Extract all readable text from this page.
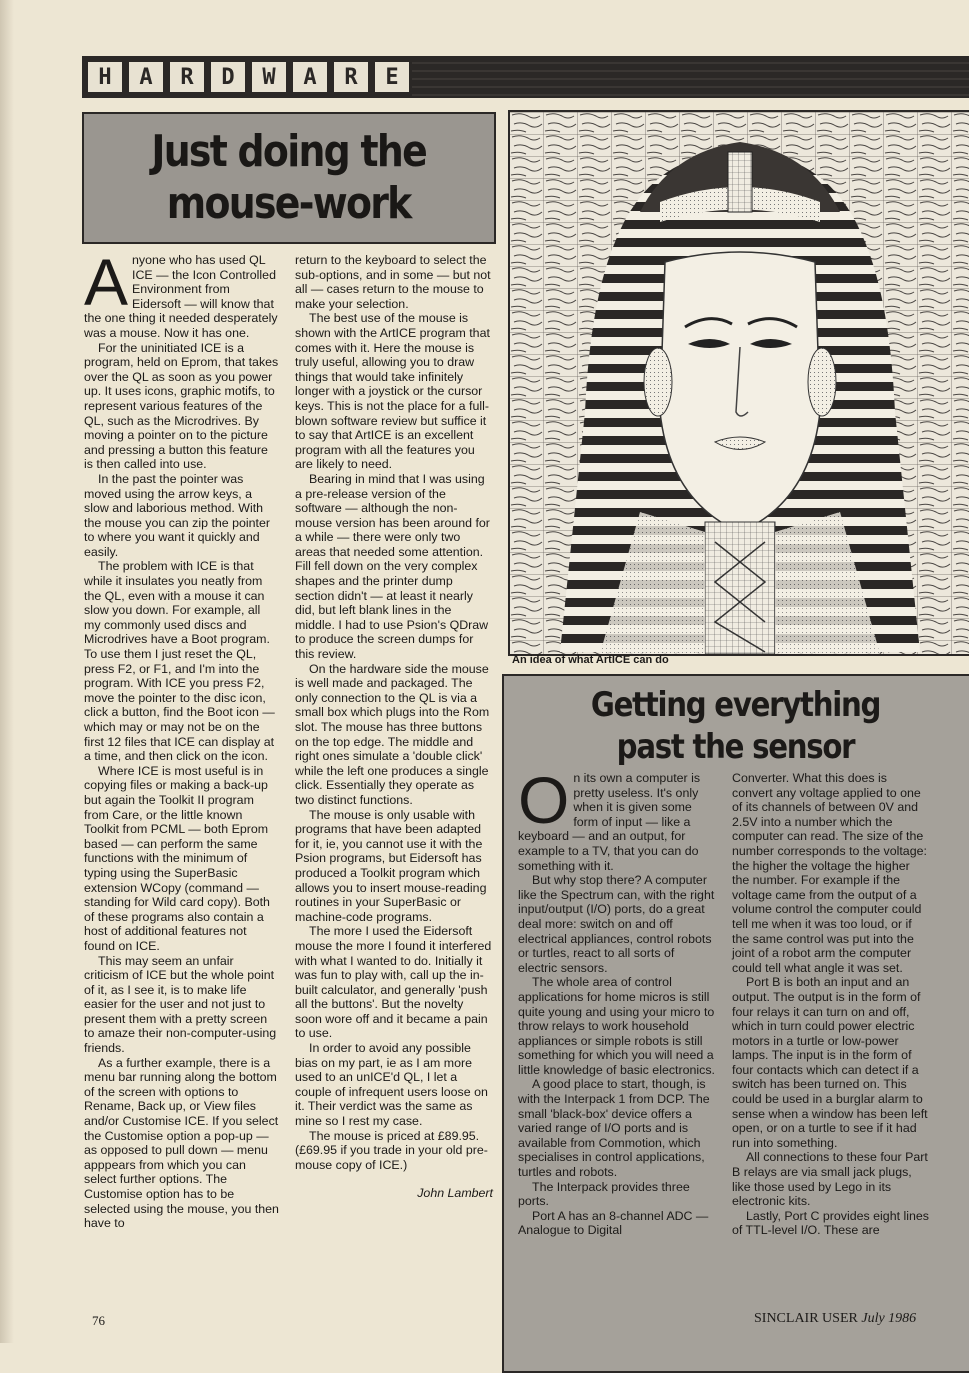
H	A	R	D	W	A	R	E
Just doing the
mouse-work
An idea of what ArtICE can do
A nyone who has used QL ICE — the Icon Controlled Environment from Eidersoft — will know that the one thing it needed desperately was a mouse. Now it has one.

For the uninitiated ICE is a program, held on Eprom, that takes over the QL as soon as you power up. It uses icons, graphic motifs, to represent various features of the QL, such as the Microdrives. By moving a pointer on to the picture and pressing a button this feature is then called into use.

In the past the pointer was moved using the arrow keys, a slow and laborious method. With the mouse you can zip the pointer to where you want it quickly and easily.

The problem with ICE is that while it insulates you neatly from the QL, even with a mouse it can slow you down. For example, all my commonly used discs and Microdrives have a Boot program. To use them I just reset the QL, press F2, or F1, and I'm into the program. With ICE you press F2, move the pointer to the disc icon, click a button, find the Boot icon — which may or may not be on the first 12 files that ICE can display at a time, and then click on the icon.

Where ICE is most useful is in copying files or making a back-up but again the Toolkit II program from Care, or the little known Toolkit from PCML — both Eprom based — can perform the same functions with the minimum of typing using the SuperBasic extension WCopy (command — standing for Wild card copy). Both of these programs also contain a host of additional features not found on ICE.

This may seem an unfair criticism of ICE but the whole point of it, as I see it, is to make life easier for the user and not just to present them with a pretty screen to amaze their non-computer-using friends.

As a further example, there is a menu bar running along the bottom of the screen with options to Rename, Back up, or View files and/or Customise ICE. If you select the Customise option a pop-up — as opposed to pull down — menu apppears from which you can select further options. The Customise option has to be selected using the mouse, you then have to

return to the keyboard to select the sub-options, and in some — but not all — cases return to the mouse to make your selection.

The best use of the mouse is shown with the ArtICE program that comes with it. Here the mouse is truly useful, allowing you to draw things that would take infinitely longer with a joystick or the cursor keys. This is not the place for a full-blown software review but suffice it to say that ArtICE is an excellent program with all the features you are likely to need.

Bearing in mind that I was using a pre-release version of the software — although the non-mouse version has been around for a while — there were only two areas that needed some attention. Fill fell down on the very complex shapes and the printer dump section didn't — at least it nearly did, but left blank lines in the middle. I had to use Psion's QDraw to produce the screen dumps for this review.

On the hardware side the mouse is well made and packaged. The only connection to the QL is via a small box which plugs into the Rom slot. The mouse has three buttons on the top edge. The middle and right ones simulate a 'double click' while the left one produces a single click. Essentially they operate as two distinct functions.

The mouse is only usable with programs that have been adapted for it, ie, you cannot use it with the Psion programs, but Eidersoft has produced a Toolkit program which allows you to insert mouse-reading routines in your SuperBasic or machine-code programs.

The more I used the Eidersoft mouse the more I found it interfered with what I wanted to do. Initially it was fun to play with, call up the in-built calculator, and generally 'push all the buttons'. But the novelty soon wore off and it became a pain to use.

In order to avoid any possible bias on my part, ie as I am more used to an unICE'd QL, I let a couple of infrequent users loose on it. Their verdict was the same as mine so I rest my case.

The mouse is priced at £89.95. (£69.95 if you trade in your old pre-mouse copy of ICE.)

John Lambert
Getting everything
past the sensor
O n its own a computer is pretty useless. It's only when it is given some form of input — like a keyboard — and an output, for example to a TV, that you can do something with it.

But why stop there? A computer like the Spectrum can, with the right input/output (I/O) ports, do a great deal more: switch on and off electrical appliances, control robots or turtles, react to all sorts of electric sensors.

The whole area of control applications for home micros is still quite young and using your micro to throw relays to work household appliances or simple robots is still something for which you will need a little knowledge of basic electronics.

A good place to start, though, is with the Interpack 1 from DCP. The small 'black-box' device offers a varied range of I/O ports and is available from Commotion, which specialises in control applications, turtles and robots.

The Interpack provides three ports.

Port A has an 8-channel ADC — Analogue to Digital

Converter. What this does is convert any voltage applied to one of its channels of between 0V and 2.5V into a number which the computer can read. The size of the number corresponds to the voltage: the higher the voltage the higher the number. For example if the voltage came from the output of a volume control the computer could tell me when it was too loud, or if the same control was put into the joint of a robot arm the computer could tell what angle it was set.

Port B is both an input and an output. The output is in the form of four relays it can turn on and off, which in turn could power electric motors in a turtle or low-power lamps. The input is in the form of four contacts which can detect if a switch has been turned on. This could be used in a burglar alarm to sense when a window has been left open, or on a turtle to see if it had run into something.

All connections to these four Part B relays are via small jack plugs, like those used by Lego in its electronic kits.

Lastly, Port C provides eight lines of TTL-level I/O. These are

76	SINCLAIR USER July 1986
